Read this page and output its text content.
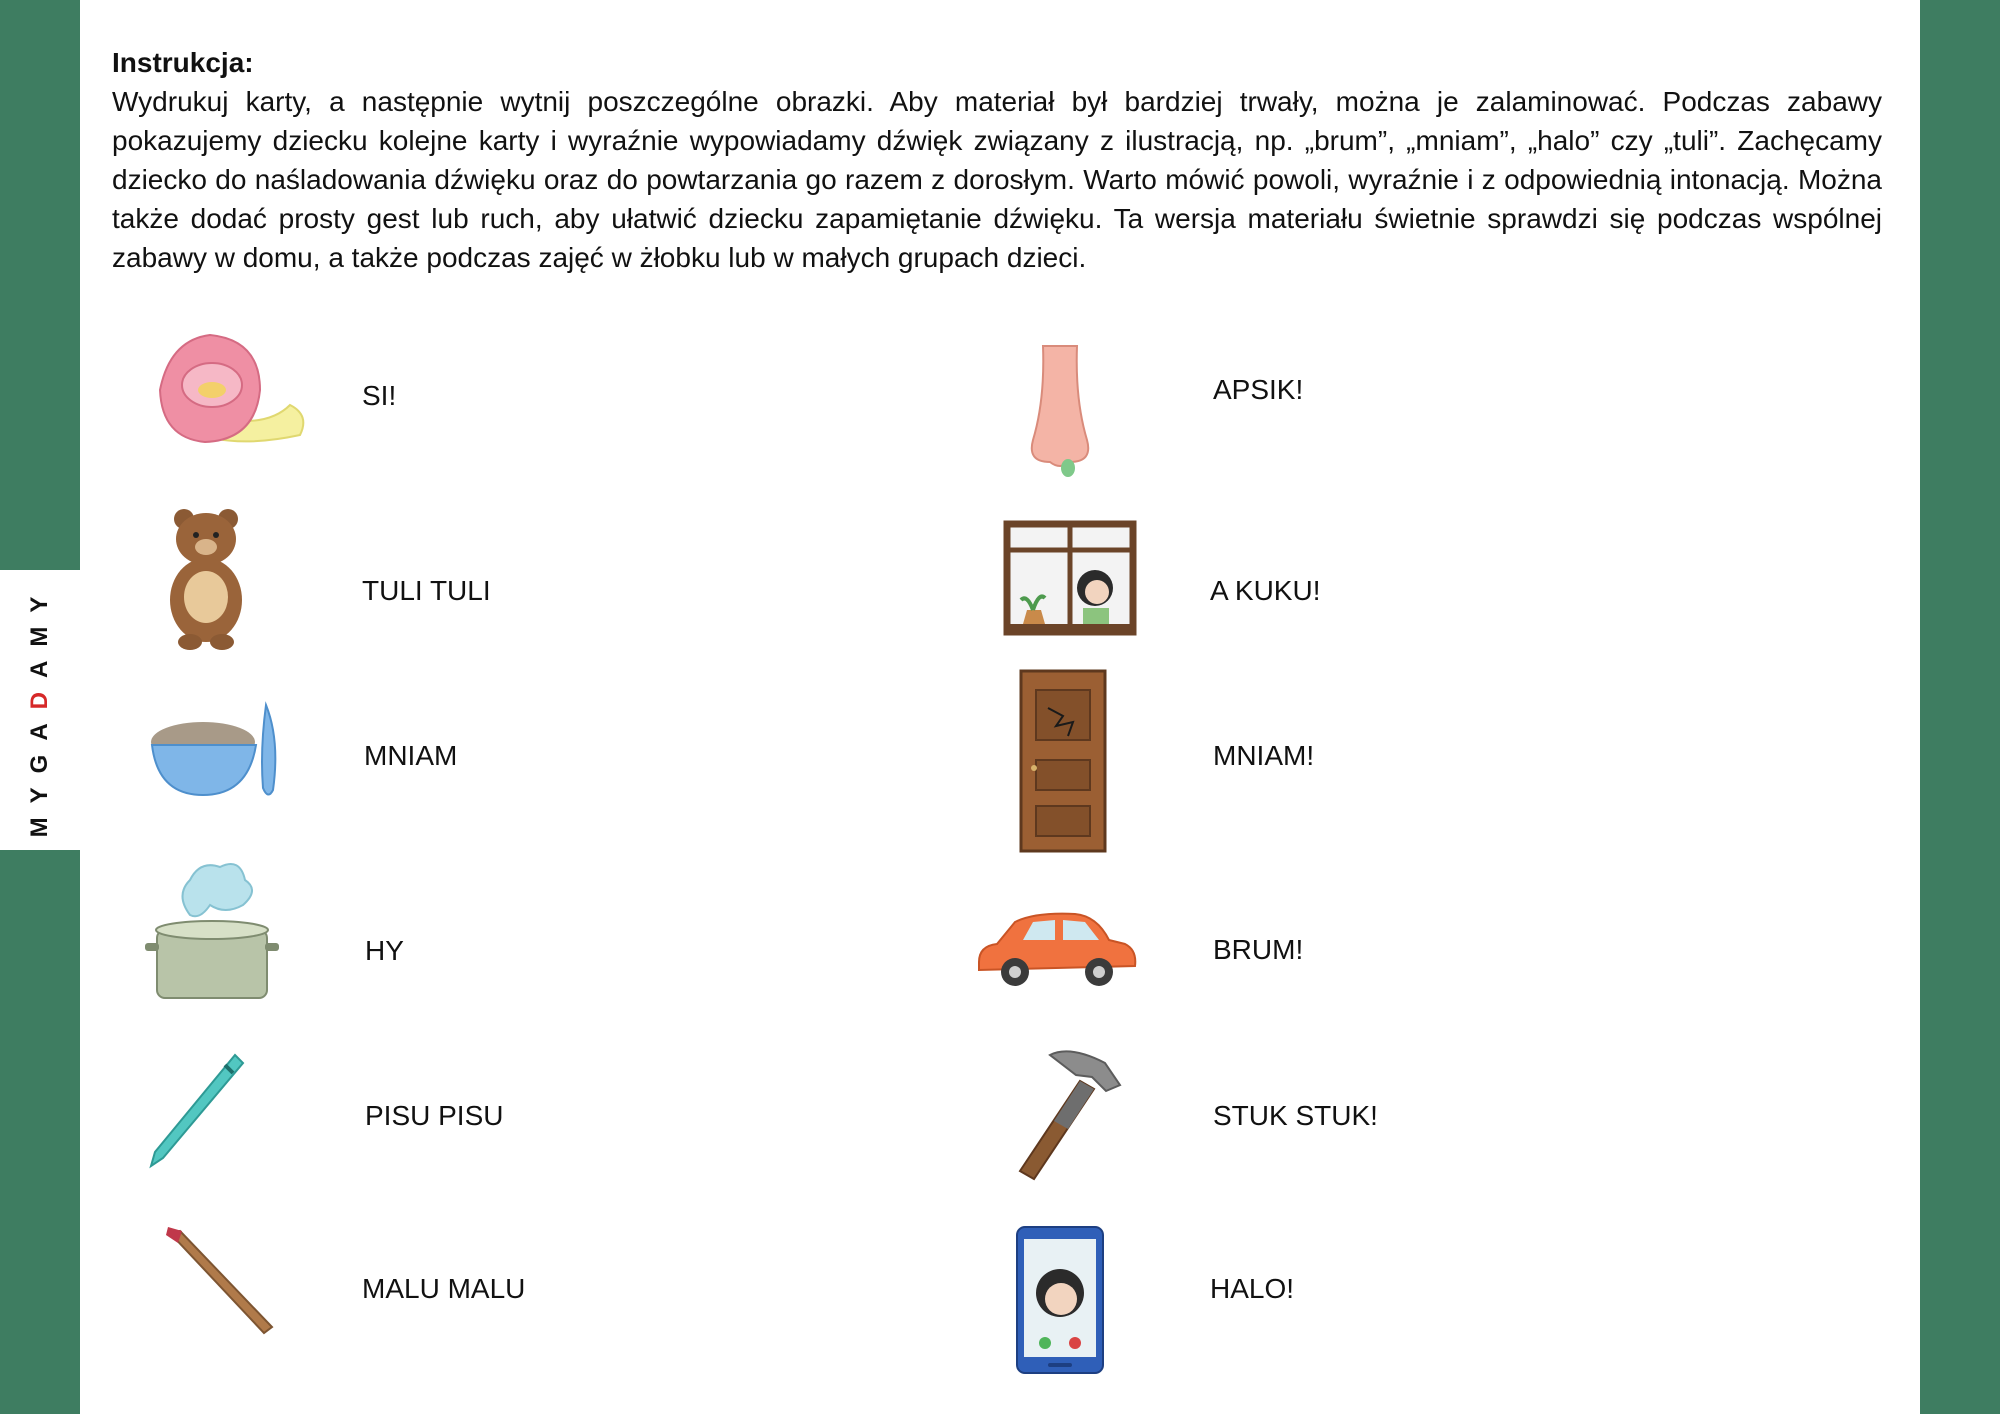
MYGADAMY
Instrukcja:
Wydrukuj karty, a następnie wytnij poszczególne obrazki. Aby materiał był bardziej trwały, można je zalaminować. Podczas zabawy pokazujemy dziecku kolejne karty i wyraźnie wypowiadamy dźwięk związany z ilustracją, np. „brum”, „mniam”, „halo” czy „tuli”. Zachęcamy dziecko do naśladowania dźwięku oraz do powtarzania go razem z dorosłym. Warto mówić powoli, wyraźnie i z odpowiednią intonacją. Można także dodać prosty gest lub ruch, aby ułatwić dziecku zapamiętanie dźwięku. Ta wersja materiału świetnie sprawdzi się podczas wspólnej zabawy w domu, a także podczas zajęć w żłobku lub w małych grupach dzieci.
SI!
TULI TULI
MNIAM
HY
PISU PISU
MALU MALU
APSIK!
A KUKU!
MNIAM!
BRUM!
STUK STUK!
HALO!
